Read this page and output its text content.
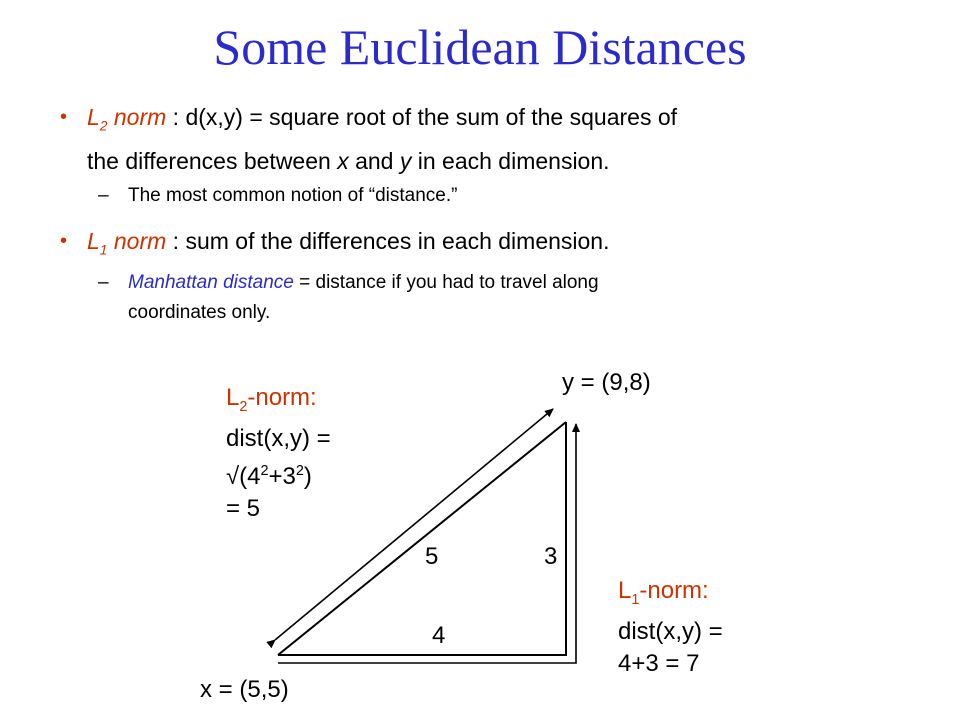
Some Euclidean Distances
• $L_2$ norm : d(x,y) = square root of the sum of the squares of
the differences between x and y in each dimension.
– The most common notion of “distance.”
• $L_1$ norm : sum of the differences in each dimension.
– Manhattan distance = distance if you had to travel along
coordinates only.
y = (9,8)
x = (5,5)
$L_2$-norm:
dist(x,y) =
$√(4^2+3^2)$
= 5
$L_1$-norm:
dist(x,y) =
4+3 = 7
5	3
4
